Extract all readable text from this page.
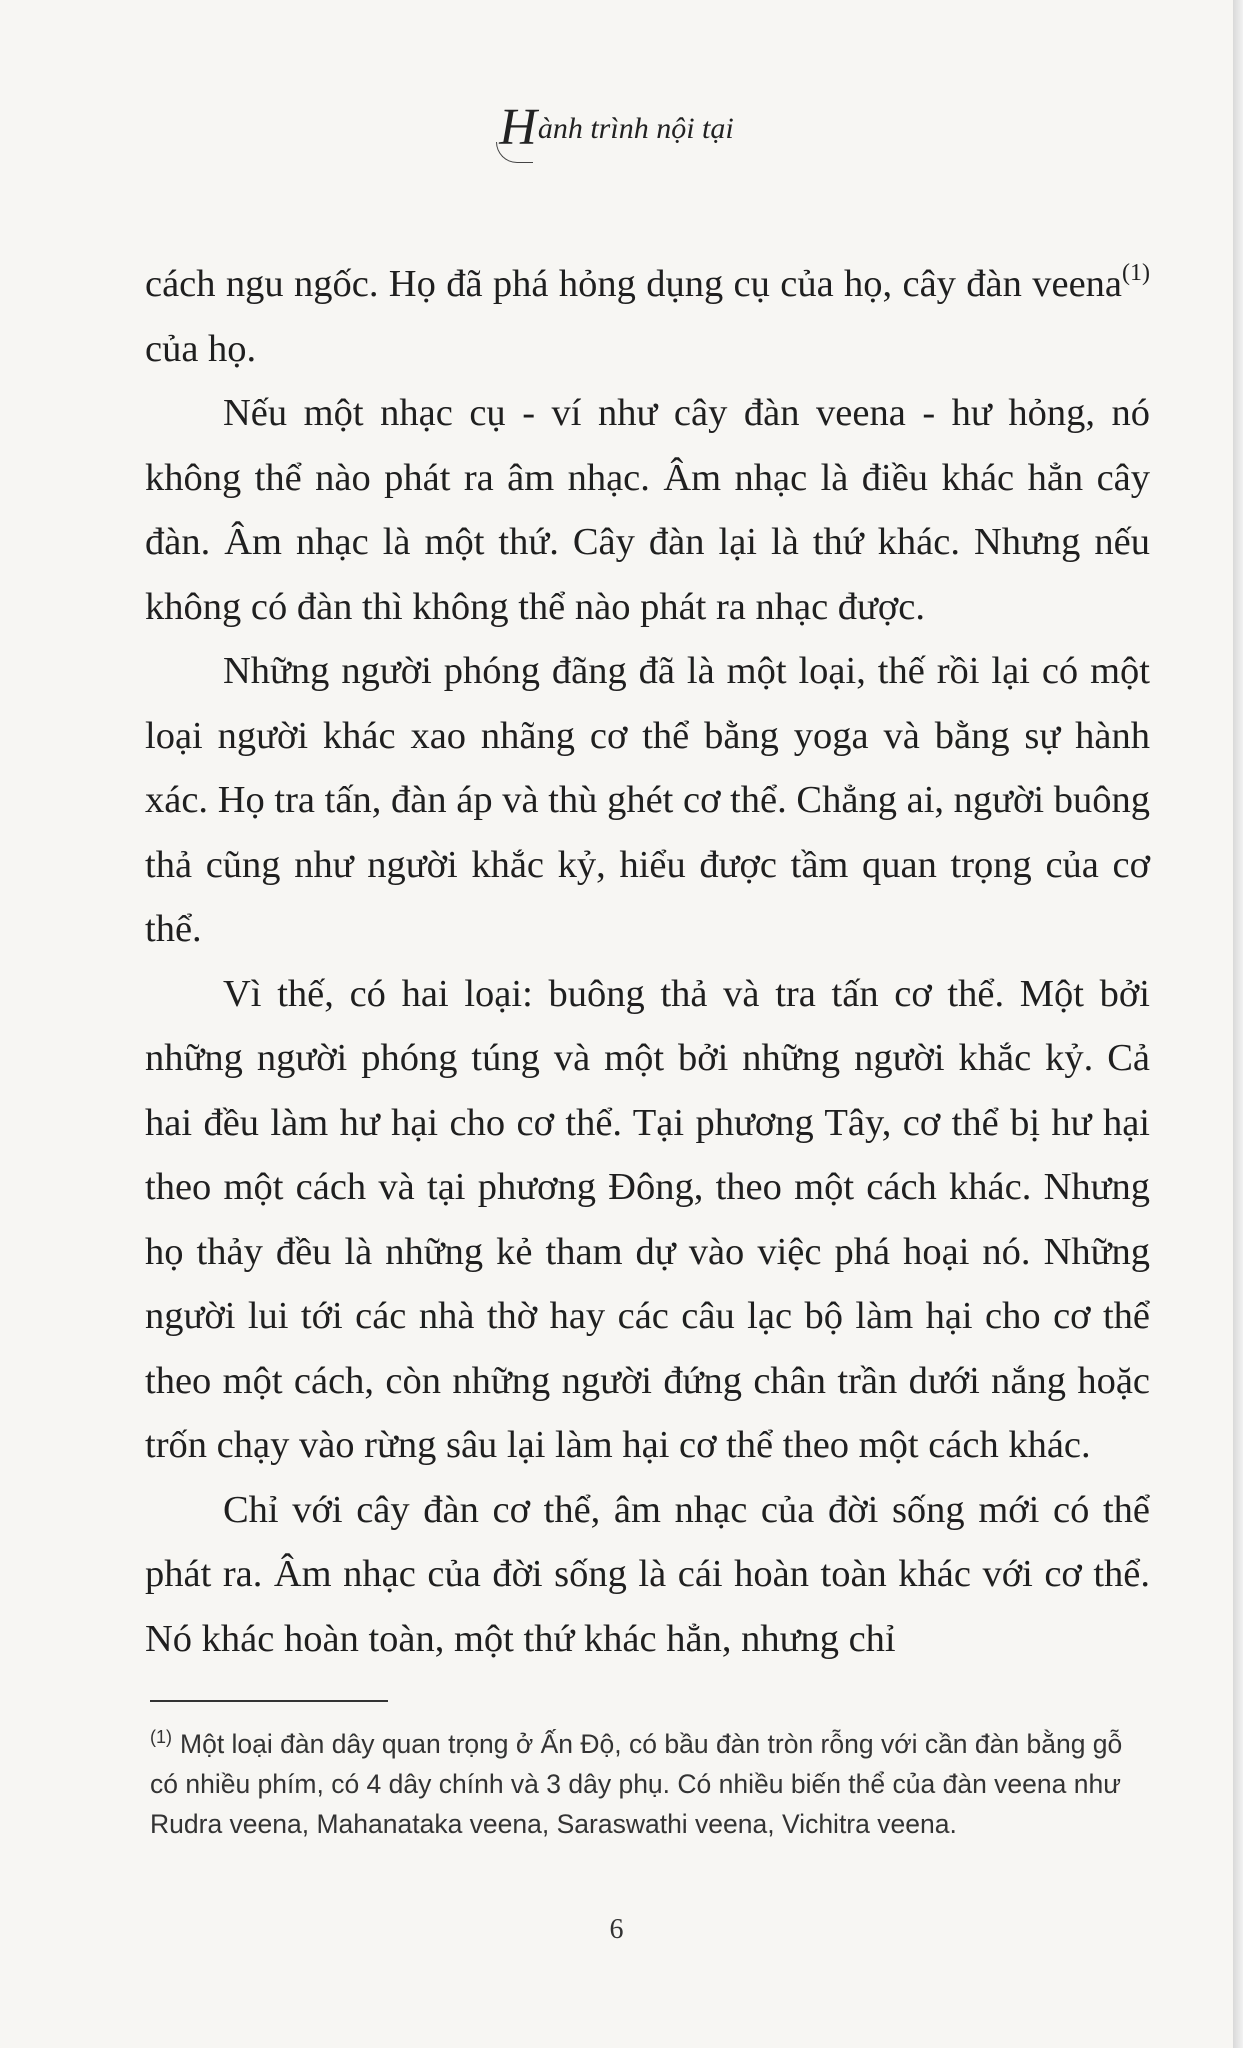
Hành trình nội tại

cách ngu ngốc. Họ đã phá hỏng dụng cụ của họ, cây đàn veena$^{(1)}$ của họ.

Nếu một nhạc cụ - ví như cây đàn veena - hư hỏng, nó không thể nào phát ra âm nhạc. Âm nhạc là điều khác hẳn cây đàn. Âm nhạc là một thứ. Cây đàn lại là thứ khác. Nhưng nếu không có đàn thì không thể nào phát ra nhạc được.

Những người phóng đãng đã là một loại, thế rồi lại có một loại người khác xao nhãng cơ thể bằng yoga và bằng sự hành xác. Họ tra tấn, đàn áp và thù ghét cơ thể. Chẳng ai, người buông thả cũng như người khắc kỷ, hiểu được tầm quan trọng của cơ thể.

Vì thế, có hai loại: buông thả và tra tấn cơ thể. Một bởi những người phóng túng và một bởi những người khắc kỷ. Cả hai đều làm hư hại cho cơ thể. Tại phương Tây, cơ thể bị hư hại theo một cách và tại phương Đông, theo một cách khác. Nhưng họ thảy đều là những kẻ tham dự vào việc phá hoại nó. Những người lui tới các nhà thờ hay các câu lạc bộ làm hại cho cơ thể theo một cách, còn những người đứng chân trần dưới nắng hoặc trốn chạy vào rừng sâu lại làm hại cơ thể theo một cách khác.

Chỉ với cây đàn cơ thể, âm nhạc của đời sống mới có thể phát ra. Âm nhạc của đời sống là cái hoàn toàn khác với cơ thể. Nó khác hoàn toàn, một thứ khác hẳn, nhưng chỉ

$^{(1)}$ Một loại đàn dây quan trọng ở Ấn Độ, có bầu đàn tròn rỗng với cần đàn bằng gỗ có nhiều phím, có 4 dây chính và 3 dây phụ. Có nhiều biến thể của đàn veena như Rudra veena, Mahanataka veena, Saraswathi veena, Vichitra veena.
6
